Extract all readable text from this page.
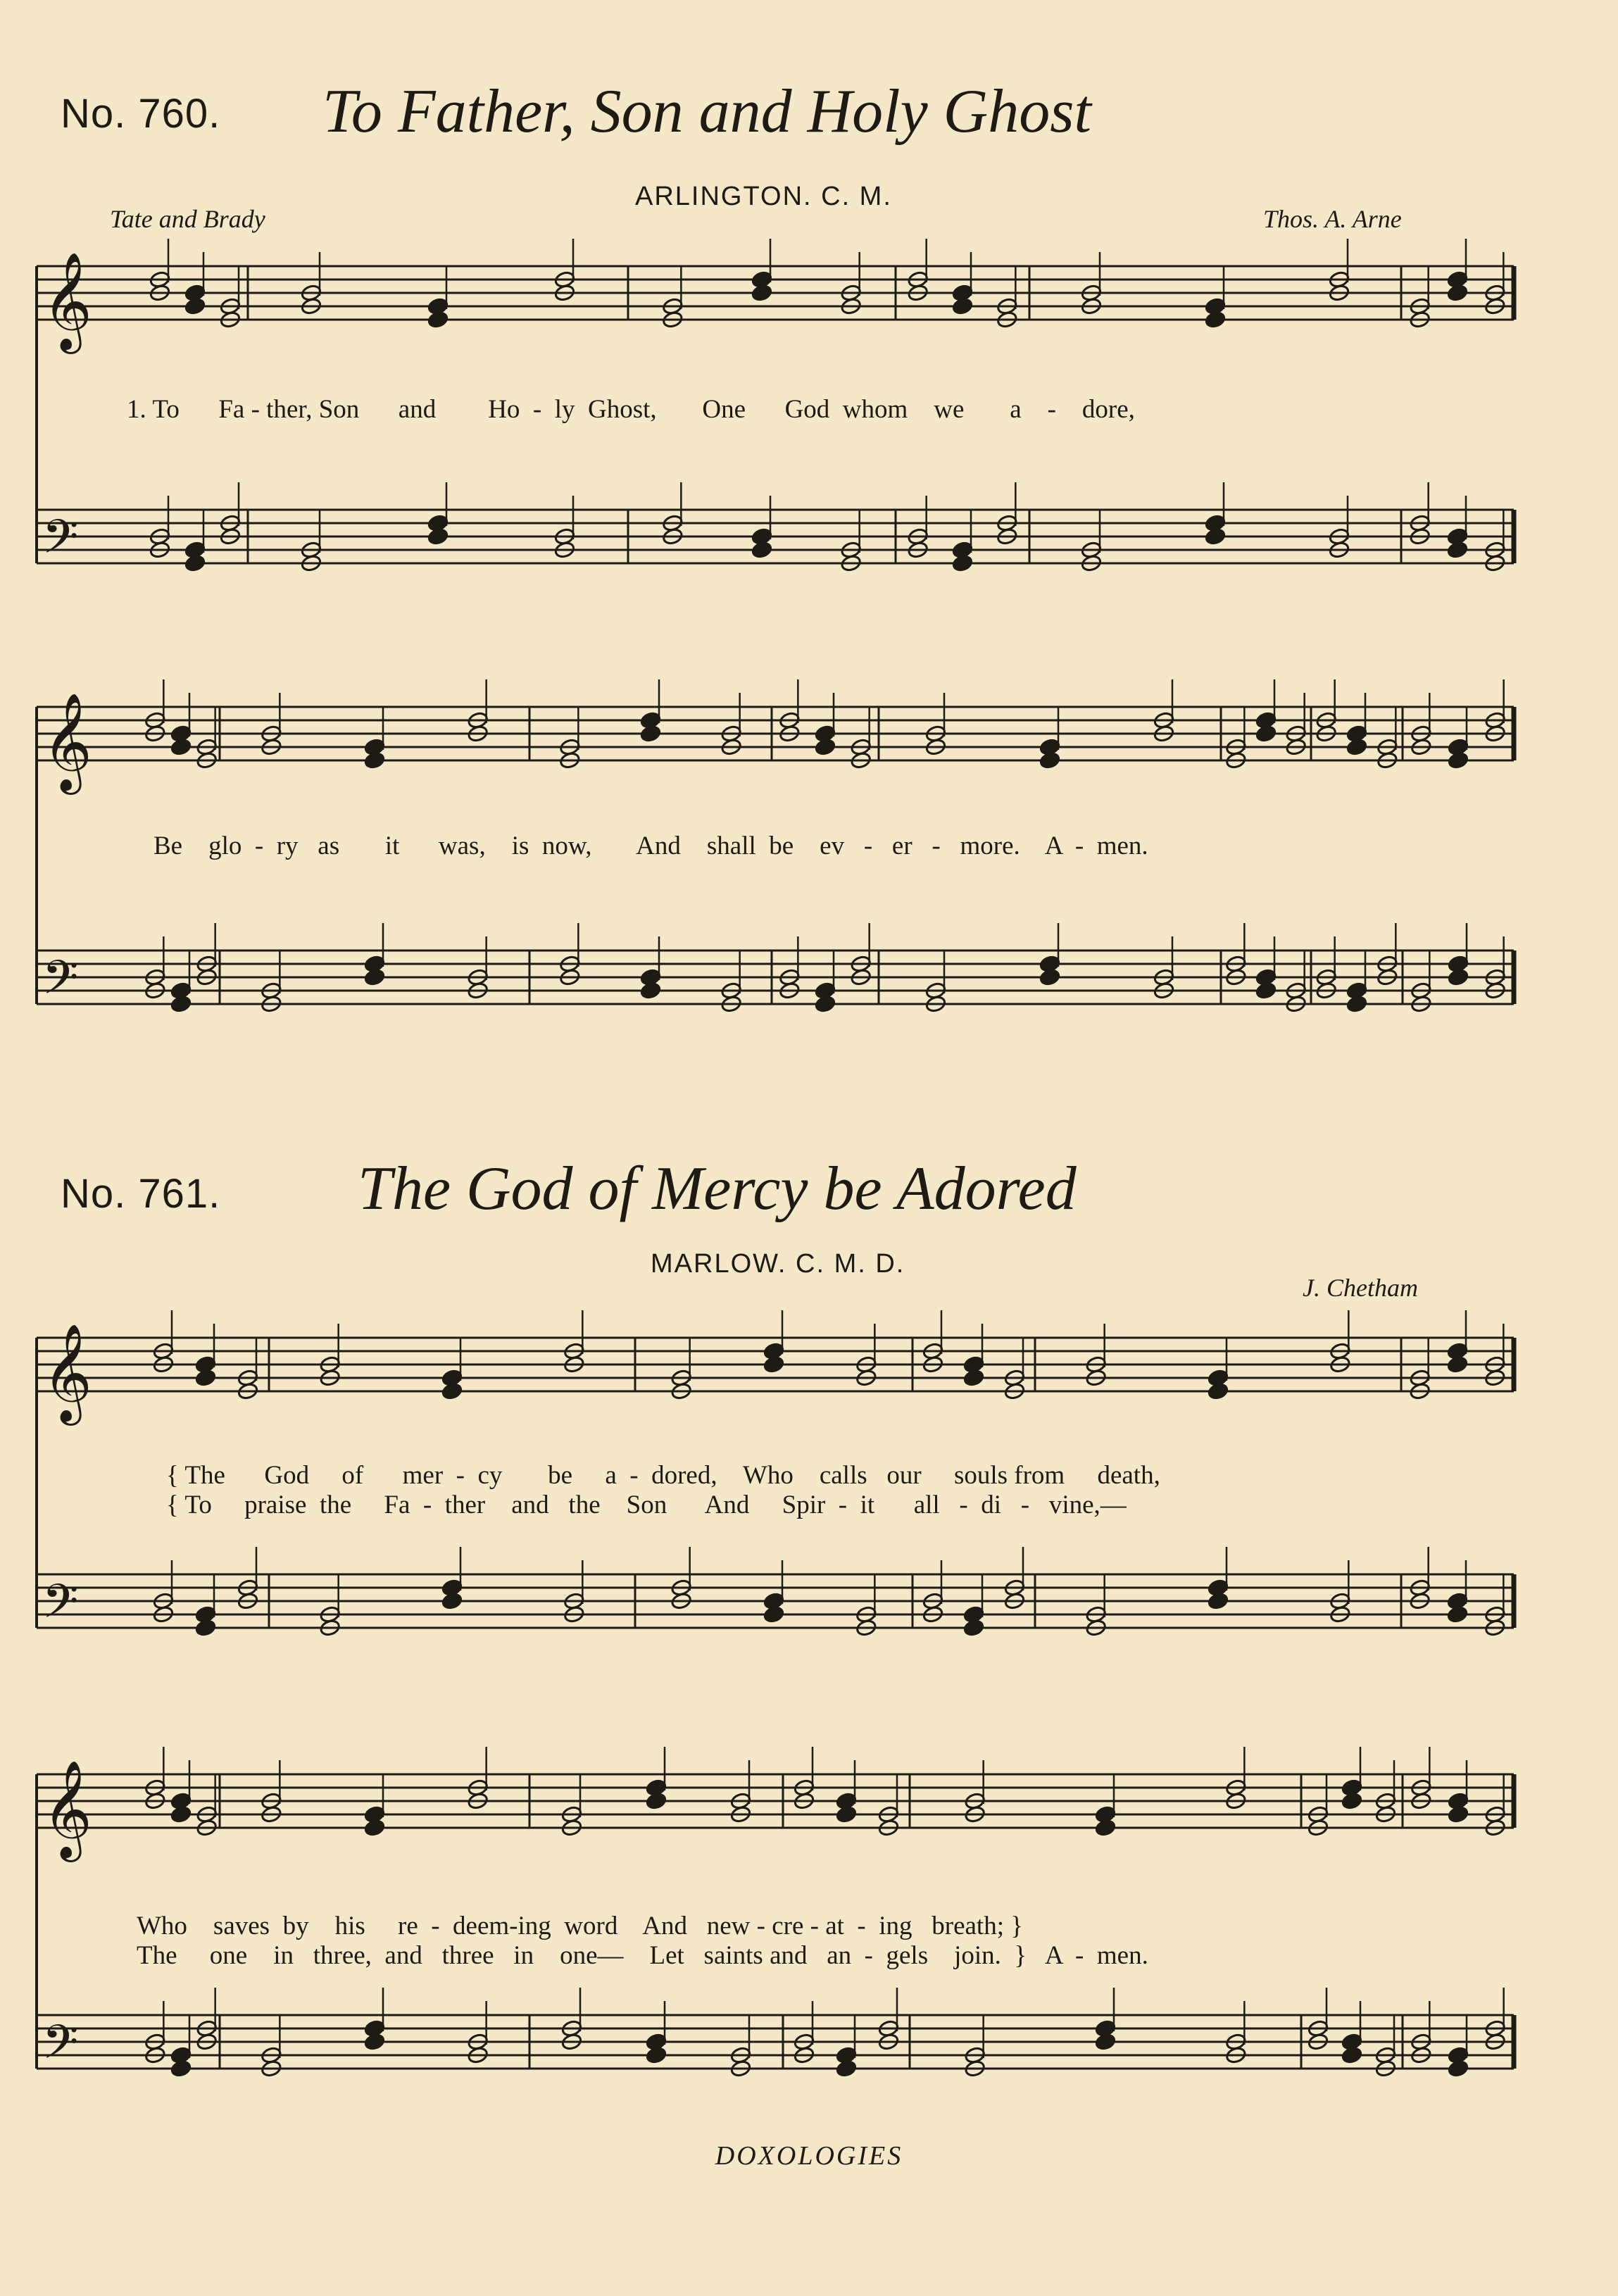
No. 760. To Father, Son and Holy Ghost
ARLINGTON. C. M.
Tate and Brady	Thos. A. Arne
1. To      Fa - ther, Son      and        Ho  -  ly  Ghost,       One      God  whom    we       a    -    dore,
Be    glo  -  ry   as       it      was,    is  now,       And    shall  be    ev   -   er   -   more.    A  -  men.
No. 761. The God of Mercy be Adored
MARLOW. C. M. D.
J. Chetham
{ The      God     of      mer  -  cy       be     a  -  dored,    Who    calls   our     souls from     death,
{ To     praise  the     Fa  -  ther    and   the    Son      And     Spir  -  it      all   -  di   -   vine,—
Who    saves  by    his     re  -  deem-ing  word    And   new - cre - at  -  ing   breath; }
The     one    in   three,  and   three   in    one—    Let   saints and   an  -  gels    join.  }   A  -  men.
DOXOLOGIES
𝄞
𝄢
𝄞
𝄢
𝄞
𝄢
𝄞
𝄢
